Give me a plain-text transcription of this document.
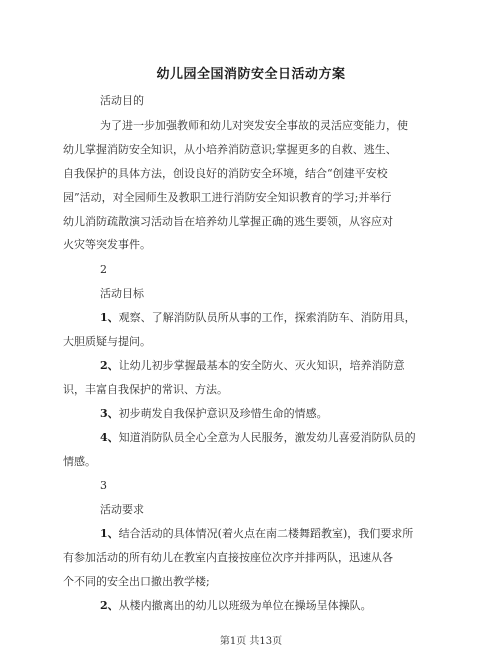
幼儿园全国消防安全日活动方案
活动目的
为了进一步加强教师和幼儿对突发安全事故的灵活应变能力，使
幼儿掌握消防安全知识，从小培养消防意识;掌握更多的自救、逃生、
自我保护的具体方法，创设良好的消防安全环境，结合“创建平安校
园”活动，对全园师生及教职工进行消防安全知识教育的学习;并举行
幼儿消防疏散演习活动旨在培养幼儿掌握正确的逃生要领，从容应对
火灾等突发事件。
2
活动目标
1、观察、了解消防队员所从事的工作，探索消防车、消防用具，
大胆质疑与提问。
2、让幼儿初步掌握最基本的安全防火、灭火知识，培养消防意
识，丰富自我保护的常识、方法。
3、初步萌发自我保护意识及珍惜生命的情感。
4、知道消防队员全心全意为人民服务，激发幼儿喜爱消防队员的
情感。
3
活动要求
1、结合活动的具体情况(着火点在南二楼舞蹈教室)，我们要求所
有参加活动的所有幼儿在教室内直接按座位次序并排两队，迅速从各
个不同的安全出口撤出教学楼;
2、从楼内撤离出的幼儿以班级为单位在操场呈体操队。
第1页 共13页
